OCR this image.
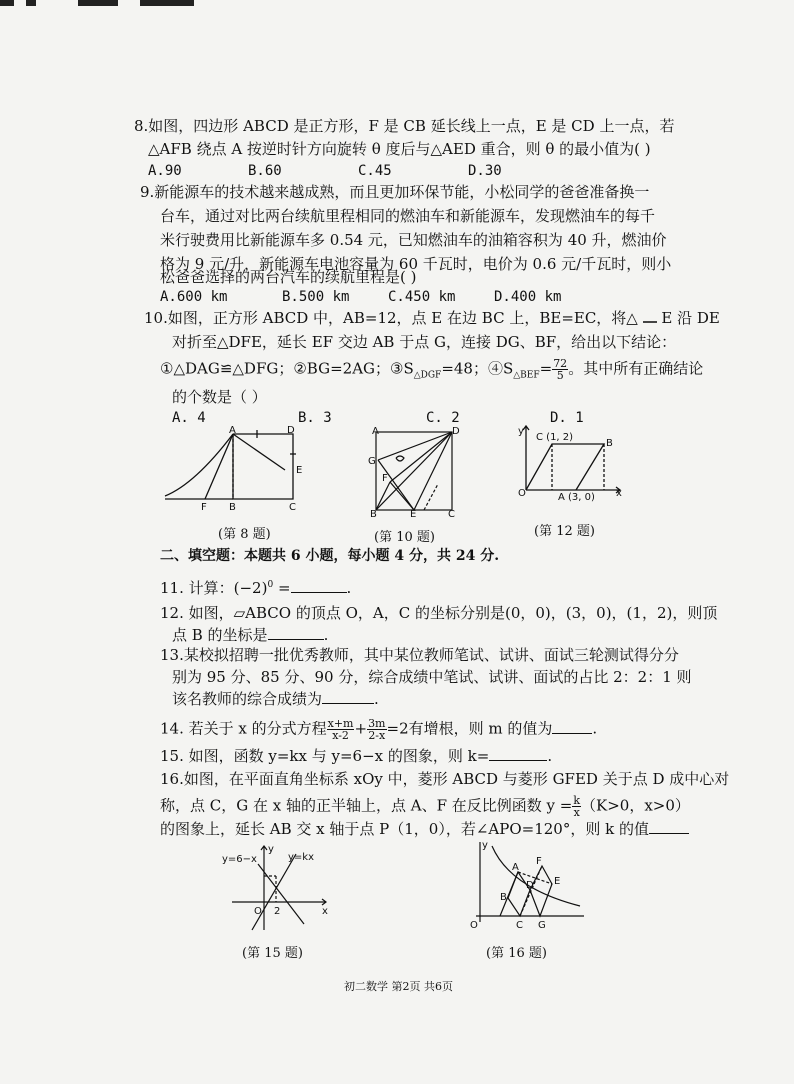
8.如图，四边形 ABCD 是正方形，F 是 CB 延长线上一点，E 是 CD 上一点，若
△AFB 绕点 A 按逆时针方向旋转 θ 度后与△AED 重合，则 θ 的最小值为( )
A.90	B.60	C.45	D.30
9.新能源车的技术越来越成熟，而且更加环保节能，小松同学的爸爸准备换一
台车，通过对比两台续航里程相同的燃油车和新能源车，发现燃油车的每千
米行驶费用比新能源车多 0.54 元，已知燃油车的油箱容积为 40 升，燃油价
格为 9 元/升，新能源车电池容量为 60 千瓦时，电价为 0.6 元/千瓦时，则小
松爸爸选择的两台汽车的续航里程是( )
A.600 km	B.500 km	C.450 km	D.400 km
10.如图，正方形 ABCD 中，AB=12，点 E 在边 BC 上，BE=EC，将△ E 沿 DE
对折至△DFE，延长 EF 交边 AB 于点 G，连接 DG、BF，给出以下结论：
①△DAG≌△DFG；②BG=2AG；$③S_{\triangle DGF}=48$；$④S_{\triangle BEF}= \frac{72}{5}$ 。其中所有正确结论
的个数是（ ）
A. 4	B. 3	C. 2	D. 1
A	D
E
F B	C
(第 8 题)
A	D
G
F
B	E	C
(第 10 题)
y
C (1, 2)
B
O	A (3, 0) x
(第 12 题)
二、填空题：本题共 6 小题，每小题 4 分，共 24 分.
11. 计算：$(-2)^0$ =	.
12. 如图，▱ABCO 的顶点 O，A，C 的坐标分别是(0，0)，(3，0)，(1，2)，则顶
点 B 的坐标是	.
13.某校拟招聘一批优秀教师，其中某位教师笔试、试讲、面试三轮测试得分分
别为 95 分、85 分、90 分，综合成绩中笔试、试讲、面试的占比 2：2：1 则
该名教师的综合成绩为	.
14. 若关于 x 的分式方程 $\frac{x+m}{x-2} + \frac{3m}{2-x} =2$有增根，则 m 的值为	.
15. 如图，函数 y=kx 与 y=6−x 的图象，则 k=	.
16.如图，在平面直角坐标系 xOy 中，菱形 ABCD 与菱形 GFED 关于点 D 成中心对
称，点 C，G 在 x 轴的正半轴上，点 A、F 在反比例函数 $y = \frac{k}{x} (K>0$，x>0）
的图象上，延长 AB 交 x 轴于点 P（1，0），若∠APO=120°，则 k 的值
y=6−x
y
y=kx
O 2	x
(第 15 题)
y
A
F
B
D E
O	C G
(第 16 题)
初二数学 第2页 共6页
